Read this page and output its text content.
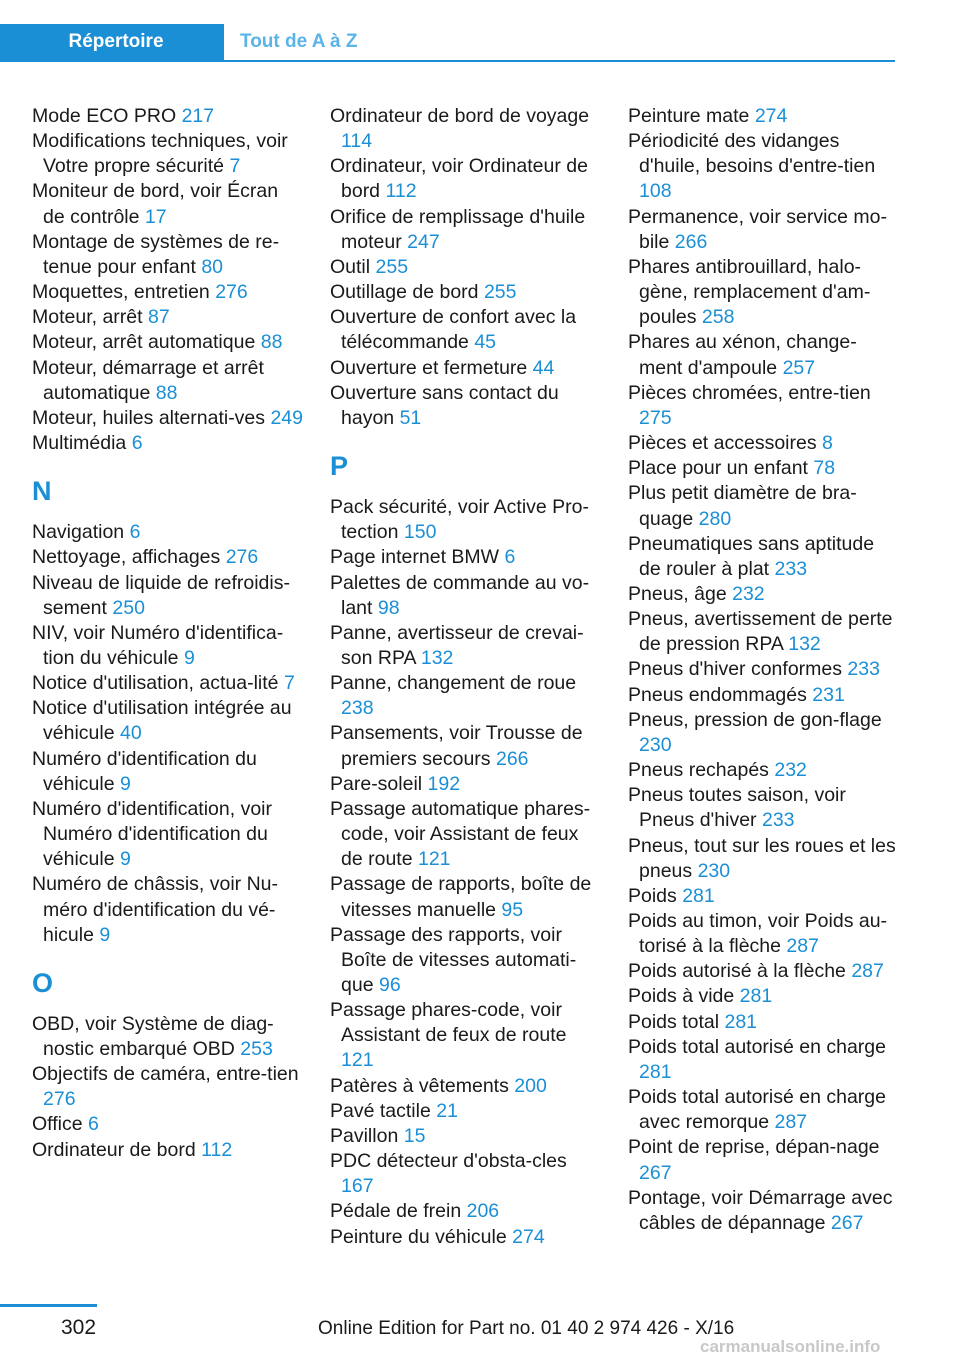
Répertoire	Tout de A à Z
Mode ECO PRO 217
Modifications techniques, voir Votre propre sécurité 7
Moniteur de bord, voir Écran de contrôle 17
Montage de systèmes de re-tenue pour enfant 80
Moquettes, entretien 276
Moteur, arrêt 87
Moteur, arrêt automatique 88
Moteur, démarrage et arrêt automatique 88
Moteur, huiles alternati-ves 249
Multimédia 6
N
Navigation 6
Nettoyage, affichages 276
Niveau de liquide de refroidis-sement 250
NIV, voir Numéro d'identifica-tion du véhicule 9
Notice d'utilisation, actua-lité 7
Notice d'utilisation intégrée au véhicule 40
Numéro d'identification du véhicule 9
Numéro d'identification, voir Numéro d'identification du véhicule 9
Numéro de châssis, voir Nu-méro d'identification du vé-hicule 9
O
OBD, voir Système de diag-nostic embarqué OBD 253
Objectifs de caméra, entre-tien 276
Office 6
Ordinateur de bord 112
Ordinateur de bord de voyage 114
Ordinateur, voir Ordinateur de bord 112
Orifice de remplissage d'huile moteur 247
Outil 255
Outillage de bord 255
Ouverture de confort avec la télécommande 45
Ouverture et fermeture 44
Ouverture sans contact du hayon 51
P
Pack sécurité, voir Active Pro-tection 150
Page internet BMW 6
Palettes de commande au vo-lant 98
Panne, avertisseur de crevai-son RPA 132
Panne, changement de roue 238
Pansements, voir Trousse de premiers secours 266
Pare-soleil 192
Passage automatique phares-code, voir Assistant de feux de route 121
Passage de rapports, boîte de vitesses manuelle 95
Passage des rapports, voir Boîte de vitesses automati-que 96
Passage phares-code, voir Assistant de feux de route 121
Patères à vêtements 200
Pavé tactile 21
Pavillon 15
PDC détecteur d'obsta-cles 167
Pédale de frein 206
Peinture du véhicule 274
Peinture mate 274
Périodicité des vidanges d'huile, besoins d'entre-tien 108
Permanence, voir service mo-bile 266
Phares antibrouillard, halo-gène, remplacement d'am-poules 258
Phares au xénon, change-ment d'ampoule 257
Pièces chromées, entre-tien 275
Pièces et accessoires 8
Place pour un enfant 78
Plus petit diamètre de bra-quage 280
Pneumatiques sans aptitude de rouler à plat 233
Pneus, âge 232
Pneus, avertissement de perte de pression RPA 132
Pneus d'hiver conformes 233
Pneus endommagés 231
Pneus, pression de gon-flage 230
Pneus rechapés 232
Pneus toutes saison, voir Pneus d'hiver 233
Pneus, tout sur les roues et les pneus 230
Poids 281
Poids au timon, voir Poids au-torisé à la flèche 287
Poids autorisé à la flèche 287
Poids à vide 281
Poids total 281
Poids total autorisé en charge 281
Poids total autorisé en charge avec remorque 287
Point de reprise, dépan-nage 267
Pontage, voir Démarrage avec câbles de dépannage 267
302	Online Edition for Part no. 01 40 2 974 426 - X/16
carmanualsonline.info
